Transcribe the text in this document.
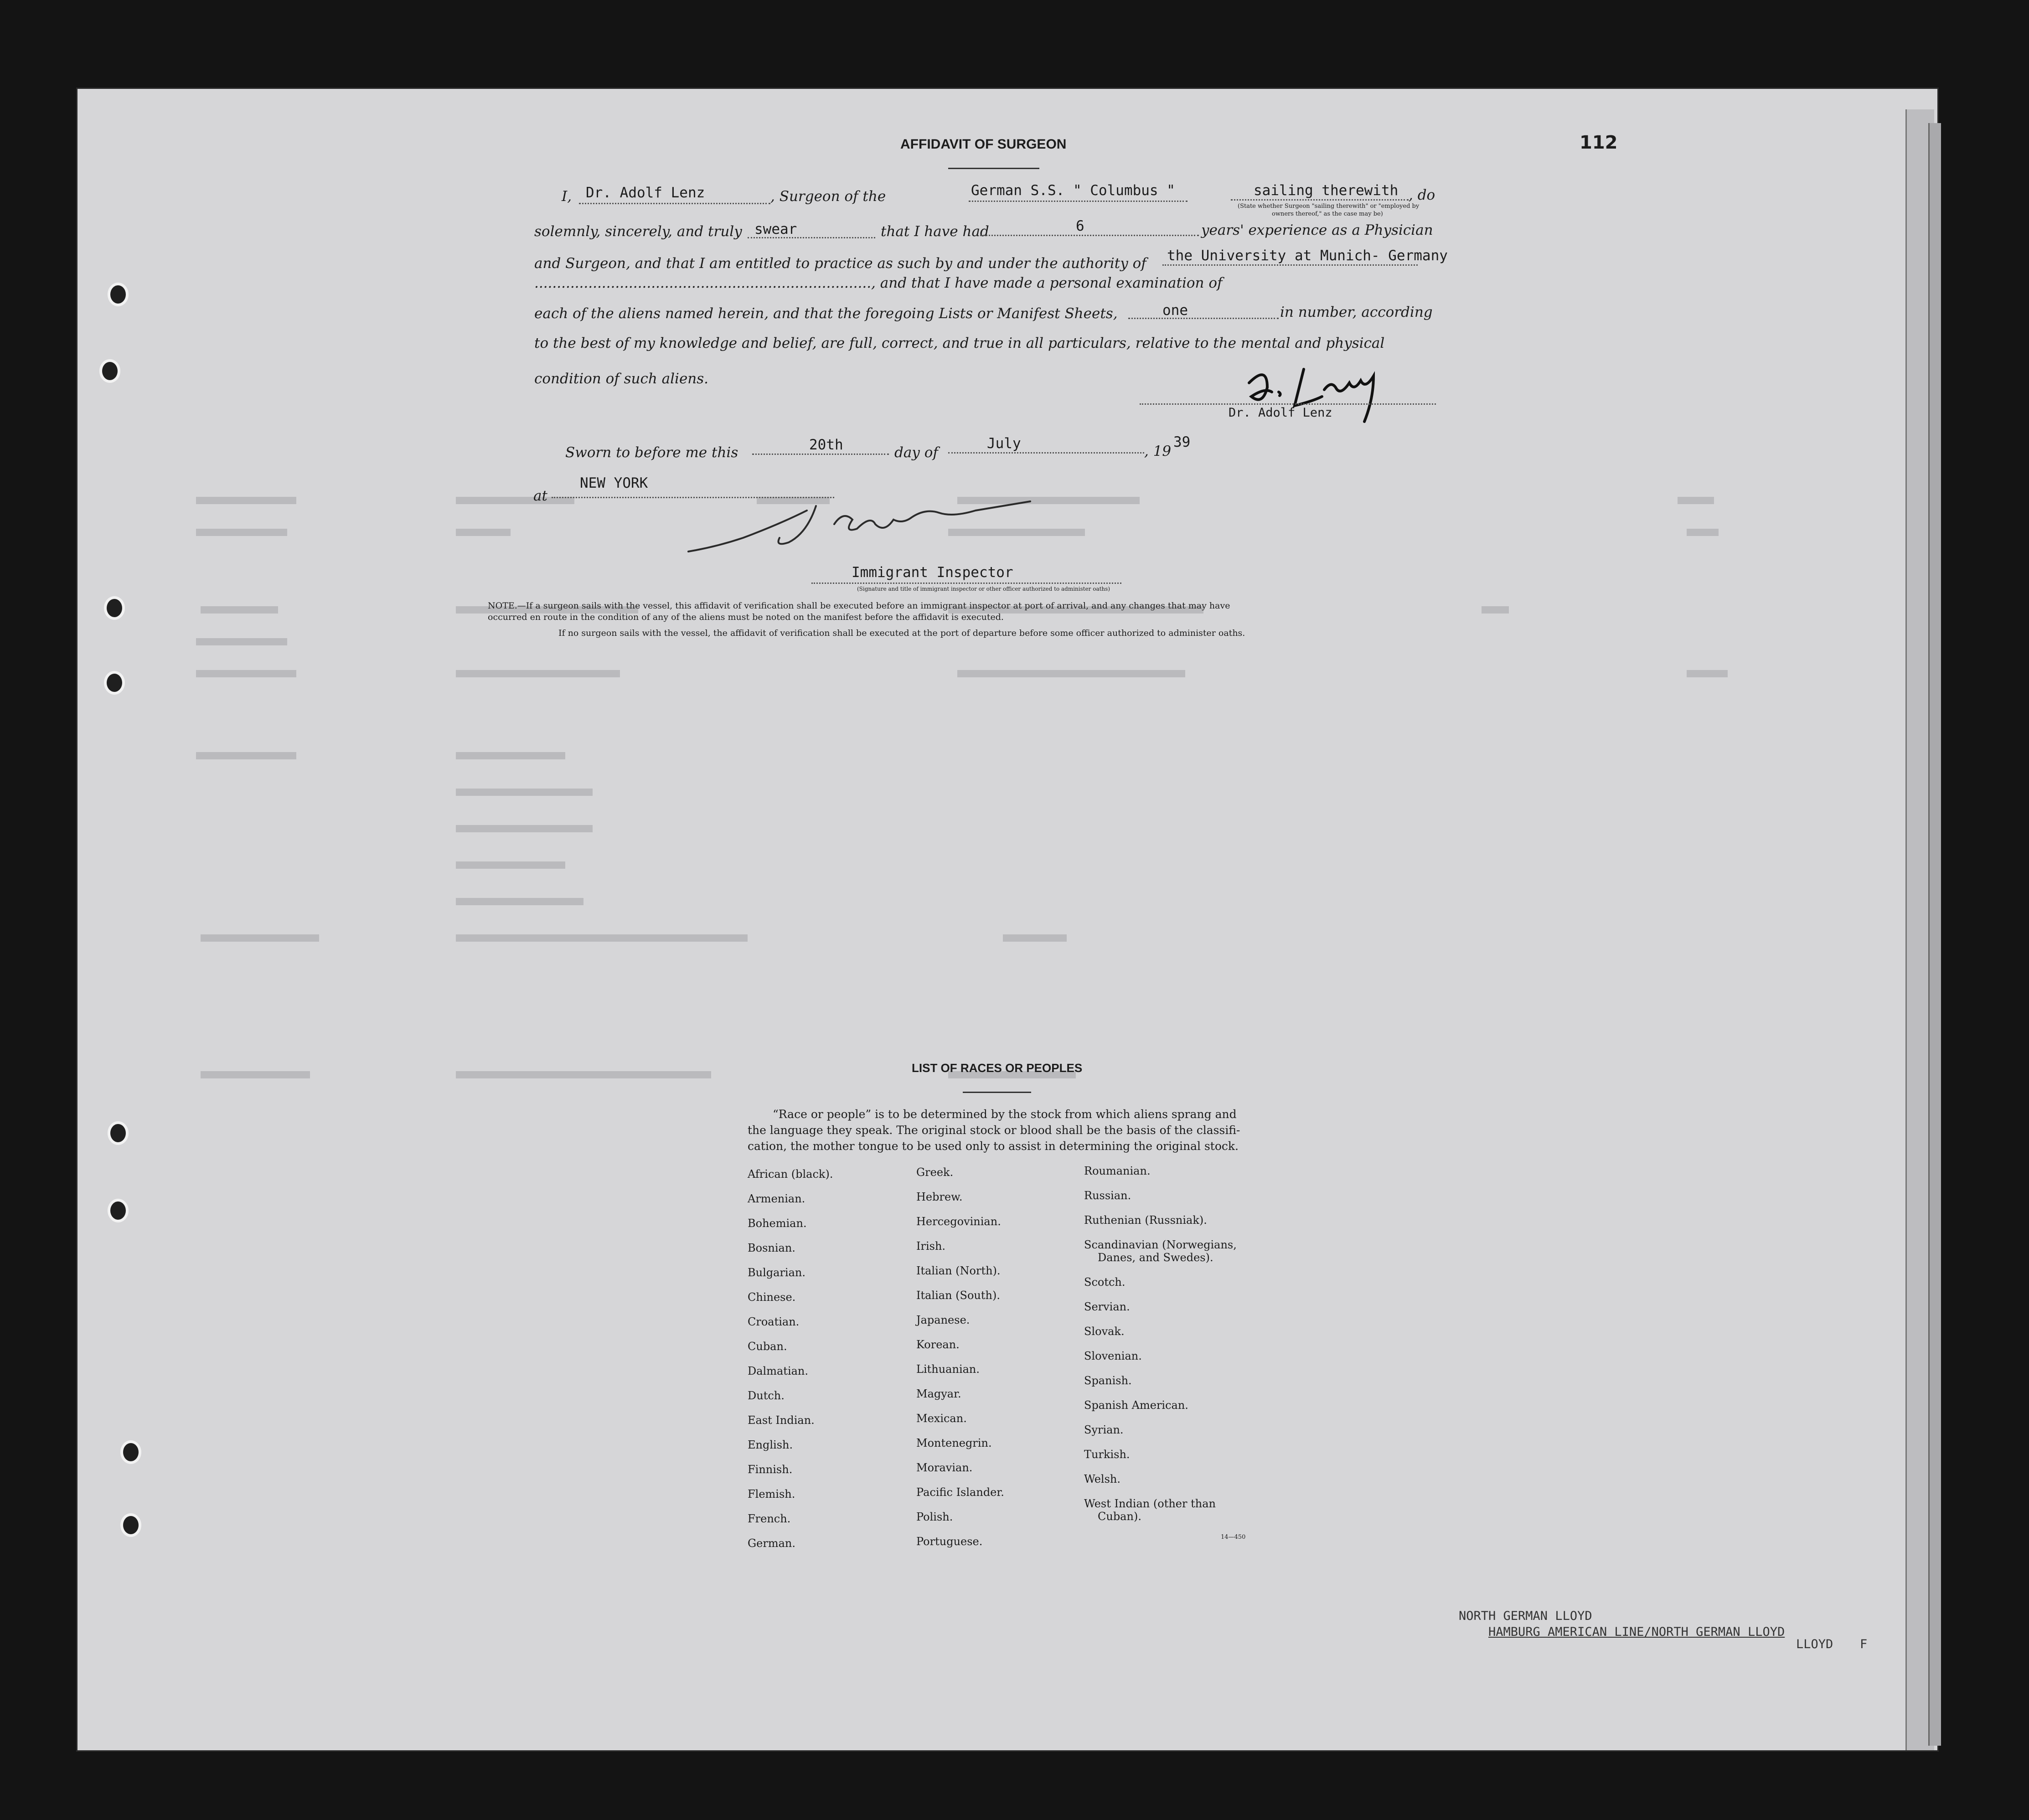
112
AFFIDAVIT OF SURGEON
I, Dr. Adolf Lenz	, Surgeon of the	German S.S. " Columbus "	sailing therewith
(State whether Surgeon "sailing therewith" or "employed by
owners thereof," as the case may be)
, do
solemnly, sincerely, and truly swear	that I have had	6	years' experience as a Physician
and Surgeon, and that I am entitled to practice as such by and under the authority of the University at Munich- Germany
..........................................................................., and that I have made a personal examination of
each of the aliens named herein, and that the foregoing Lists or Manifest Sheets,	one	in number, according
to the best of my knowledge and belief, are full, correct, and true in all particulars, relative to the mental and physical
condition of such aliens.
Dr. Adolf Lenz
Sworn to before me this	20th	day of
July	, 19
39
at
NEW YORK
Immigrant Inspector
(Signature and title of immigrant inspector or other officer authorized to administer oaths)
NOTE.—If a surgeon sails with the vessel, this affidavit of verification shall be executed before an immigrant inspector at port of arrival, and any changes that may have
occurred en route in the condition of any of the aliens must be noted on the manifest before the affidavit is executed.
If no surgeon sails with the vessel, the affidavit of verification shall be executed at the port of departure before some officer authorized to administer oaths.
LIST OF RACES OR PEOPLES
“Race or people” is to be determined by the stock from which aliens sprang and
the language they speak. The original stock or blood shall be the basis of the classifi-
cation, the mother tongue to be used only to assist in determining the original stock.
African (black).
Armenian.
Bohemian.
Bosnian.
Bulgarian.
Chinese.
Croatian.
Cuban.
Dalmatian.
Dutch.
East Indian.
English.
Finnish.
Flemish.
French.
German.
Greek.
Hebrew.
Hercegovinian.
Irish.
Italian (North).
Italian (South).
Japanese.
Korean.
Lithuanian.
Magyar.
Mexican.
Montenegrin.
Moravian.
Pacific Islander.
Polish.
Portuguese.
Roumanian.
Russian.
Ruthenian (Russniak).
Scandinavian (Norwegians,
Danes, and Swedes).
Scotch.
Servian.
Slovak.
Slovenian.
Spanish.
Spanish American.
Syrian.
Turkish.
Welsh.
West Indian (other than
Cuban).
14—450
NORTH GERMAN LLOYD
HAMBURG AMERICAN LINE/NORTH GERMAN LLOYD
LLOYD F
